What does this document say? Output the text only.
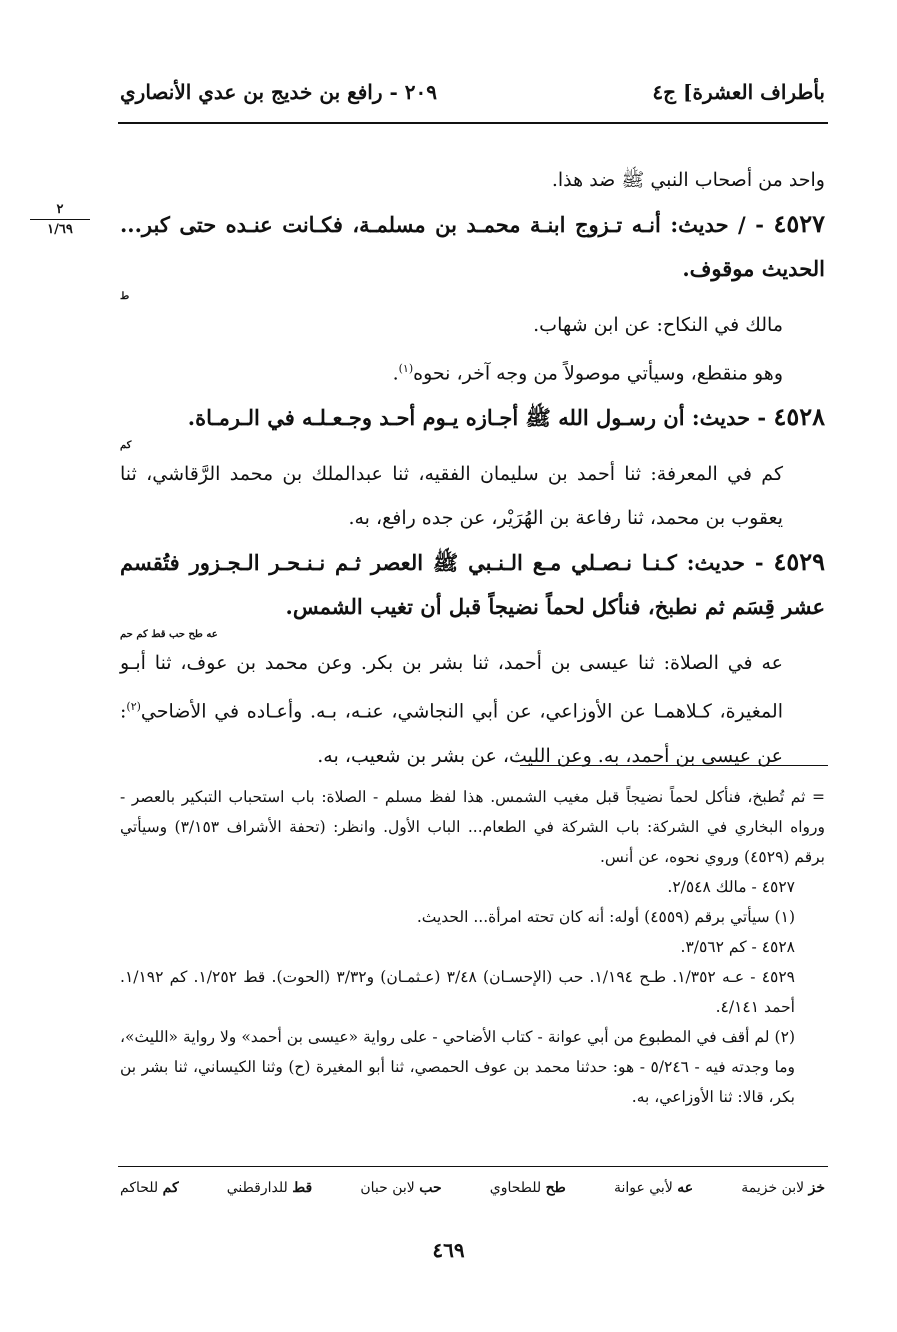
بأطراف العشرة] ج٤
٢٠٩ - رافع بن خديج بن عدي الأنصاري
٢
١/٦٩

واحد من أصحاب النبي ﷺ ضد هذا.

٤٥٢٧ - / حديث: أنـه تـزوج ابنـة محمـد بن مسلمـة، فكـانت عنـده حتى كبر... الحديث موقوف.
ط

مالك في النكاح: عن ابن شهاب.

وهو منقطع، وسيأتي موصولاً من وجه آخر، نحوه$^{(١)}$.

٤٥٢٨ - حديث: أن رسـول الله ﷺ أجـازه يـوم أحـد وجـعـلـه في الـرمـاة.
كم

كم في المعرفة: ثنا أحمد بن سليمان الفقيه، ثنا عبدالملك بن محمد الرَّقاشي، ثنا يعقوب بن محمد، ثنا رفاعة بن الهُرَيْر، عن جده رافع، به.

٤٥٢٩ - حديث: كـنـا نـصـلي مـع الـنـبي ﷺ العصر ثـم نـنـحـر الـجـزور فتُقسم عشر قِسَم ثم نطبخ، فنأكل لحماً نضيجاً قبل أن تغيب الشمس.
عه طح حب قط كم حم

عه في الصلاة: ثنا عيسى بن أحمد، ثنا بشر بن بكر. وعن محمد بن عوف، ثنا أبـو المغيرة، كـلاهمـا عن الأوزاعي، عن أبي النجاشي، عنـه، بـه. وأعـاده في الأضاحي$^{(٢)}$: عن عيسى بن أحمد، به. وعن الليث، عن بشر بن شعيب، به.

= ثم تُطبخ، فنأكل لحماً نضيجاً قبل مغيب الشمس. هذا لفظ مسلم - الصلاة: باب استحباب التبكير بالعصر - ورواه البخاري في الشركة: باب الشركة في الطعام... الباب الأول. وانظر: (تحفة الأشراف ٣/١٥٣) وسيأتي برقم (٤٥٢٩) وروي نحوه، عن أنس.

٤٥٢٧ - مالك ٢/٥٤٨.

(١) سيأتي برقم (٤٥٥٩) أوله: أنه كان تحته امرأة... الحديث.

٤٥٢٨ - كم ٣/٥٦٢.

٤٥٢٩ - عـه ١/٣٥٢. طـح ١/١٩٤. حب (الإحسـان) ٣/٤٨ (عـثمـان) و٣/٣٢ (الحوت). قط ١/٢٥٢. كم ١/١٩٢. أحمد ٤/١٤١.

(٢) لم أقف في المطبوع من أبي عوانة - كتاب الأضاحي - على رواية «عيسى بن أحمد» ولا رواية «الليث»، وما وجدته فيه - ٥/٢٤٦ - هو: حدثنا محمد بن عوف الحمصي، ثنا أبو المغيرة (ح) وثنا الكيساني، ثنا بشر بن بكر، قالا: ثنا الأوزاعي، به.

خز لابن خزيمة
عه لأبي عوانة
طح للطحاوي
حب لابن حبان
قط للدارقطني
كم للحاكم
٤٦٩
